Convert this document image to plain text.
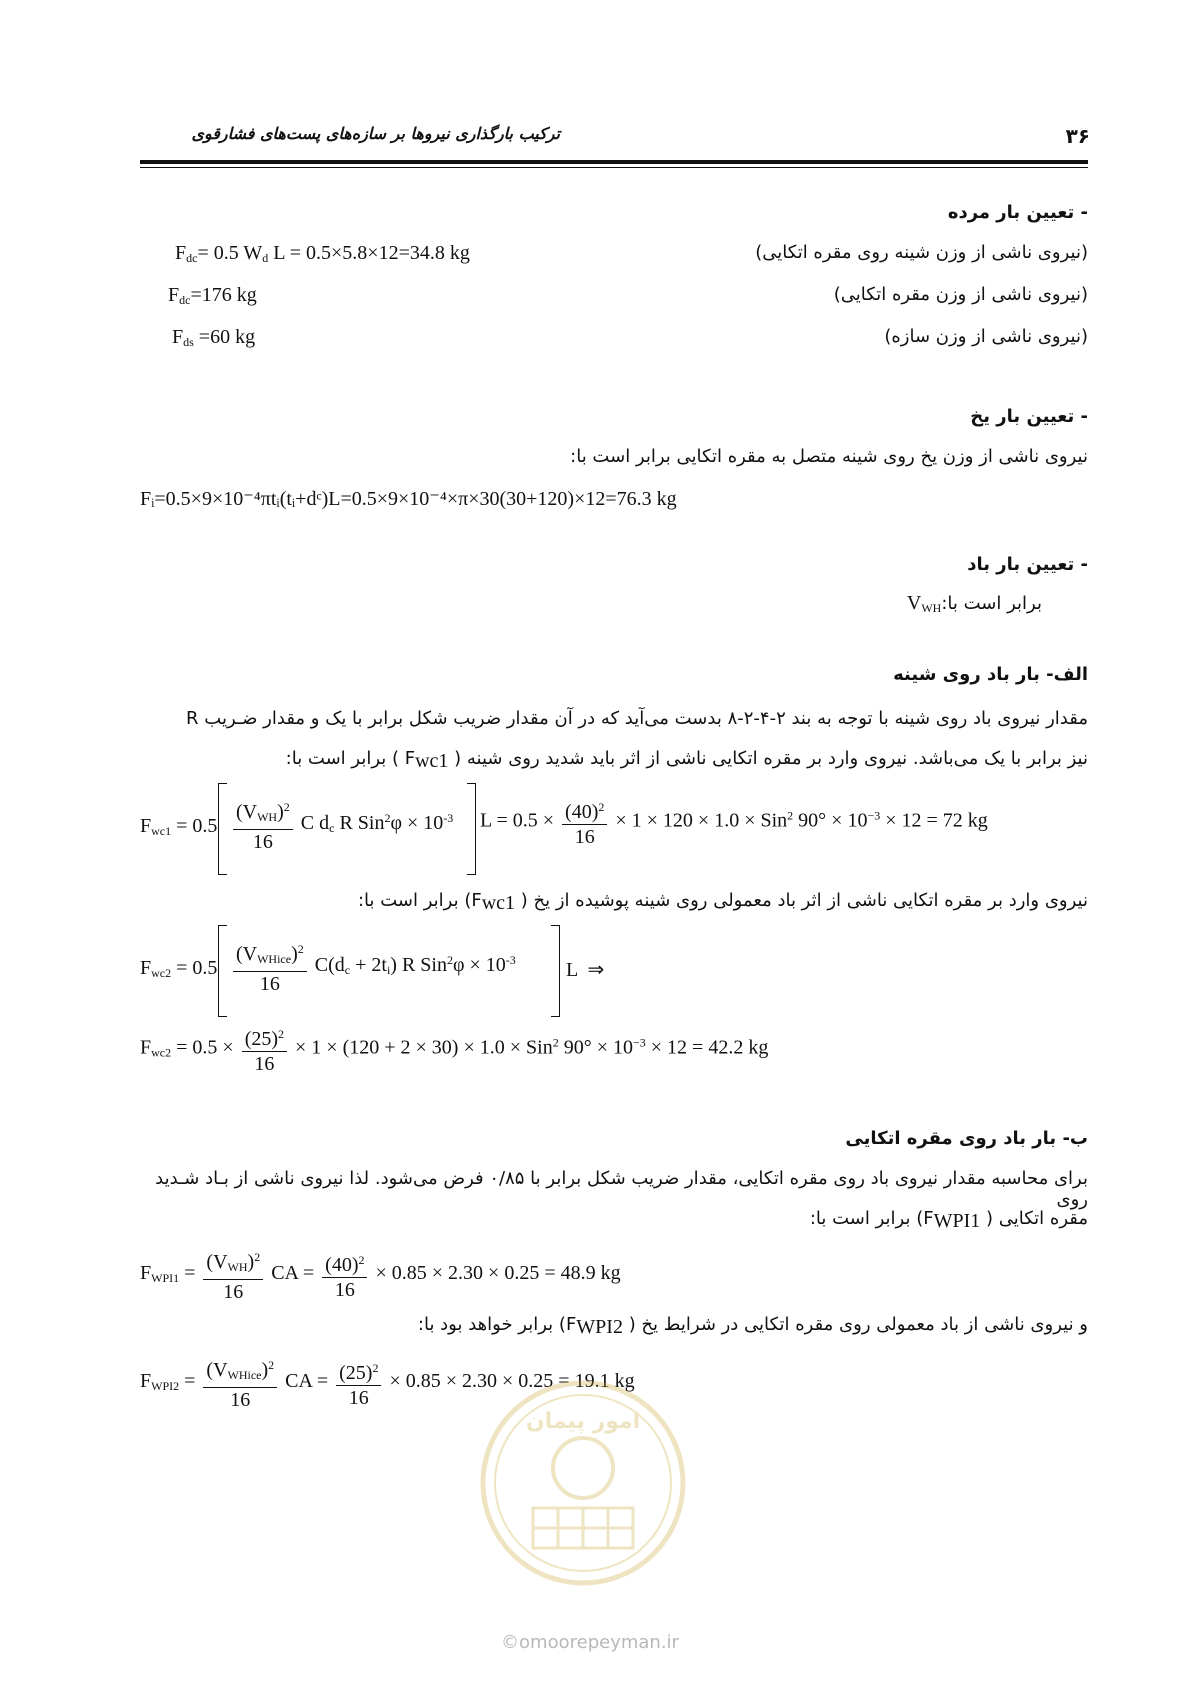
۳۶
ترکیب بارگذاری نیروها بر سازه‌های پست‌های فشارقوی
- تعیین بار مرده
(نیروی ناشی از وزن شینه روی مقره اتکایی)
$F_{dc}= 0.5$ $W_d$ L = 0.5×5.8×12=34.8 kg
(نیروی ناشی از وزن مقره اتکایی)
$F_{dc}=176$ kg
(نیروی ناشی از وزن سازه)
$F_{ds} =60$ kg
- تعیین بار یخ
نیروی ناشی از وزن یخ روی شینه متصل به مقره اتکایی برابر است با:
Fᵢ=0.5×9×10⁻⁴πtᵢ(tᵢ+dᶜ)L=0.5×9×10⁻⁴×π×30(30+120)×12=76.3 kg
- تعیین بار باد
برابر است $با:V_{WH}$
الف- بار باد روی شینه
مقدار نیروی باد روی شینه با توجه به بند ۲-۴-۲-۸ بدست می‌آید که در آن مقدار ضریب شکل برابر با یک و مقدار ضـریب R
نیز برابر با یک می‌باشد. نیروی وارد بر مقره اتکایی ناشی از اثر باید شدید روی شینه ( $F_{wc1}$ ) برابر است با:
$F_{wc1} = 0.5 \frac{(V_{WH})^2}{16}$ C $d_c$ R $Sin^2\varphi \times 10^{-3}$ $L = 0.5 \times \frac{(40)^2}{16} \times 1 \times 120 \times 1.0 \times Sin^2$ $90^\circ \times 10^{-3} \times 12 = 72$ kg
نیروی وارد بر مقره اتکایی ناشی از اثر باد معمولی روی شینه پوشیده از یخ ( $F_{wc1}$) برابر است با:
$F_{wc2} = 0.5 \frac{(V_{WHice})^2}{16} C(d_c + 2t_i)$ R $Sin^2\varphi \times 10^{-3}$	L  ⇒
$F_{wc2} = 0.5 \times \frac{(25)^2}{16} \times 1 \times (120 + 2 \times 30) \times 1.0 \times Sin^2$ $90^\circ \times 10^{-3} \times 12 = 42.2$ kg
ب- بار باد روی مقره اتکایی
برای محاسبه مقدار نیروی باد روی مقره اتکایی، مقدار ضریب شکل برابر با ۰/۸۵ فرض می‌شود. لذا نیروی ناشی از بـاد شـدید روی
مقره اتکایی ( $F_{WPI1}$) برابر است با:
$F_{WPI1} = \frac{(V_{WH})^2}{16}$ CA = $\frac{(40)^2}{16} \times 0.85 \times 2.30 \times 0.25 = 48.9$ kg
و نیروی ناشی از باد معمولی روی مقره اتکایی در شرایط یخ ( $F_{WPI2}$) برابر خواهد بود با:
$F_{WPI2} = \frac{(V_{WHice})^2}{16}$ CA = $\frac{(25)^2}{16} \times 0.85 \times 2.30 \times 0.25 = 19.1$ kg
امور پیمان
©omoorepeyman.ir
